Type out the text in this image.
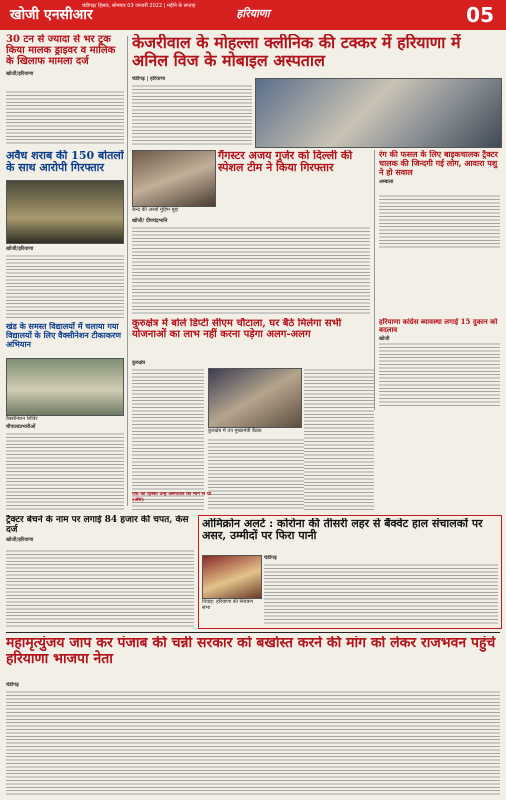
हरियाणा
खोजी एनसीआर
चंडीगढ़/ हिसार, सोमवार 03 जनवरी 2022 | महीने के सप्ताह	05
30 टन से ज्यादा से भर ट्रक किया मालक ड्राइवर व मालिक के खिलाफ मामला दर्ज
खोजी/हरियाणा
केजरीवाल के मोहल्ला क्लीनिक की टक्कर में हरियाणा में अनिल विज के मोबाइल अस्पताल
चंडीगढ़ | हरियाणा
अवैध शराब की 150 बोतलों के साथ आरोपी गिरफ्तार
खोजी/हरियाणा
केन्द्र की अरबों मुहिम मुद्दा
गैंगस्टर अजय गुर्जर को दिल्ली की स्पेशल टीम ने किया गिरफ्तार
खोजी/ दीपचंद्रभानि
रंग की फसल के लिए बाइकचालक ट्रैक्टर चालक की जिन्दगी गई लोग, आवारा पशु ने हो सवाल
अम्बाला
हरियाणा कांग्रेस ब्यावस्था लगाई 15 दुकान को बदलाव
खोजी
खंड के समस्त विद्यालयों में चलाया गया विद्यालयों के लिए वैक्सीनेशन टीकाकरण अभियान
वैक्सीनेशन शिविर
चौपालाप्रभारीओं
कुरुक्षेत्र में बोले डिप्टी सीएम चौटाला, घर बैठे मिलेगा सभी योजनाओं का लाभ नहीं करना पड़ेगा अलग-अलग
कुरुक्षेत्र
कुरुक्षेत्र में उप मुख्यमंत्री बैठक
एक का हिस्सा उन्हें अस्पताल की मांग से धो (अंश)
ओमिक्रोन अलर्ट : कोरोना की तीसरी लहर से बैंक्वेट हाल संचालकों पर असर, उम्मीदों पर फिरा पानी
विवाह: हरियाणा की नियंत्रण सभा
चंडीगढ़
ट्रैक्टर बेचने के नाम पर लगाई 84 हजार की चपत, केस दर्ज
खोजी/हरियाणा
महामृत्युंजय जाप कर पंजाब की चन्नी सरकार को बर्खास्त करने की मांग को लेकर राजभवन पहुंचे हरियाणा भाजपा नेता
चंडीगढ़
